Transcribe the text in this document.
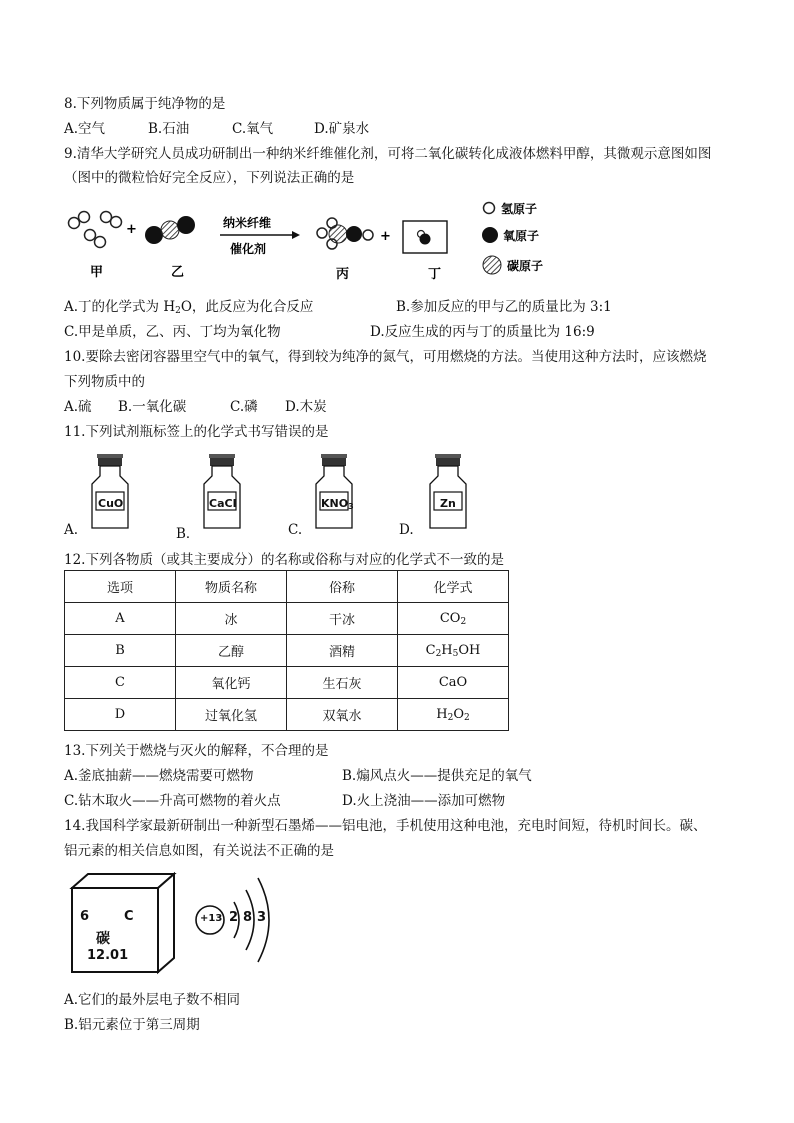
8.下列物质属于纯净物的是
A.空气	B.石油	C.氧气	D.矿泉水
9.清华大学研究人员成功研制出一种纳米纤维催化剂，可将二氧化碳转化成液体燃料甲醇，其微观示意图如图
（图中的微粒恰好完全反应），下列说法正确的是
+	纳米纤维
催化剂
+
甲	乙	丙	丁
氢原子
氧原子
碳原子
A.丁的化学式为 $H_2O$，此反应为化合反应	B.参加反应的甲与乙的质量比为 3:1
C.甲是单质，乙、丙、丁均为氧化物	D.反应生成的丙与丁的质量比为 16:9
10.要除去密闭容器里空气中的氧气，得到较为纯净的氮气，可用燃烧的方法。当使用这种方法时，应该燃烧
下列物质中的
A.硫 B.一氧化碳	C.磷 D.木炭
11.下列试剂瓶标签上的化学式书写错误的是
CuO	CaCl	$KNO_3$	Zn
A.	B．	C.	D.
12.下列各物质（或其主要成分）的名称或俗称与对应的化学式不一致的是
选项	物质名称	俗称	化学式
A	冰	干冰	$CO_2$
B	乙醇	酒精	$C_2H_5OH$
C	氧化钙	生石灰	CaO
D	过氧化氢	双氧水	$H_2O_2$
13.下列关于燃烧与灭火的解释，不合理的是
A.釜底抽薪——燃烧需要可燃物	B.煽风点火——提供充足的氧气
C.钻木取火——升高可燃物的着火点	D.火上浇油——添加可燃物
14.我国科学家最新研制出一种新型石墨烯——铝电池，手机使用这种电池，充电时间短，待机时间长。碳、
铝元素的相关信息如图，有关说法不正确的是
6	C
碳
12.01
+13 2 8 3
A.它们的最外层电子数不相同
B.铝元素位于第三周期
